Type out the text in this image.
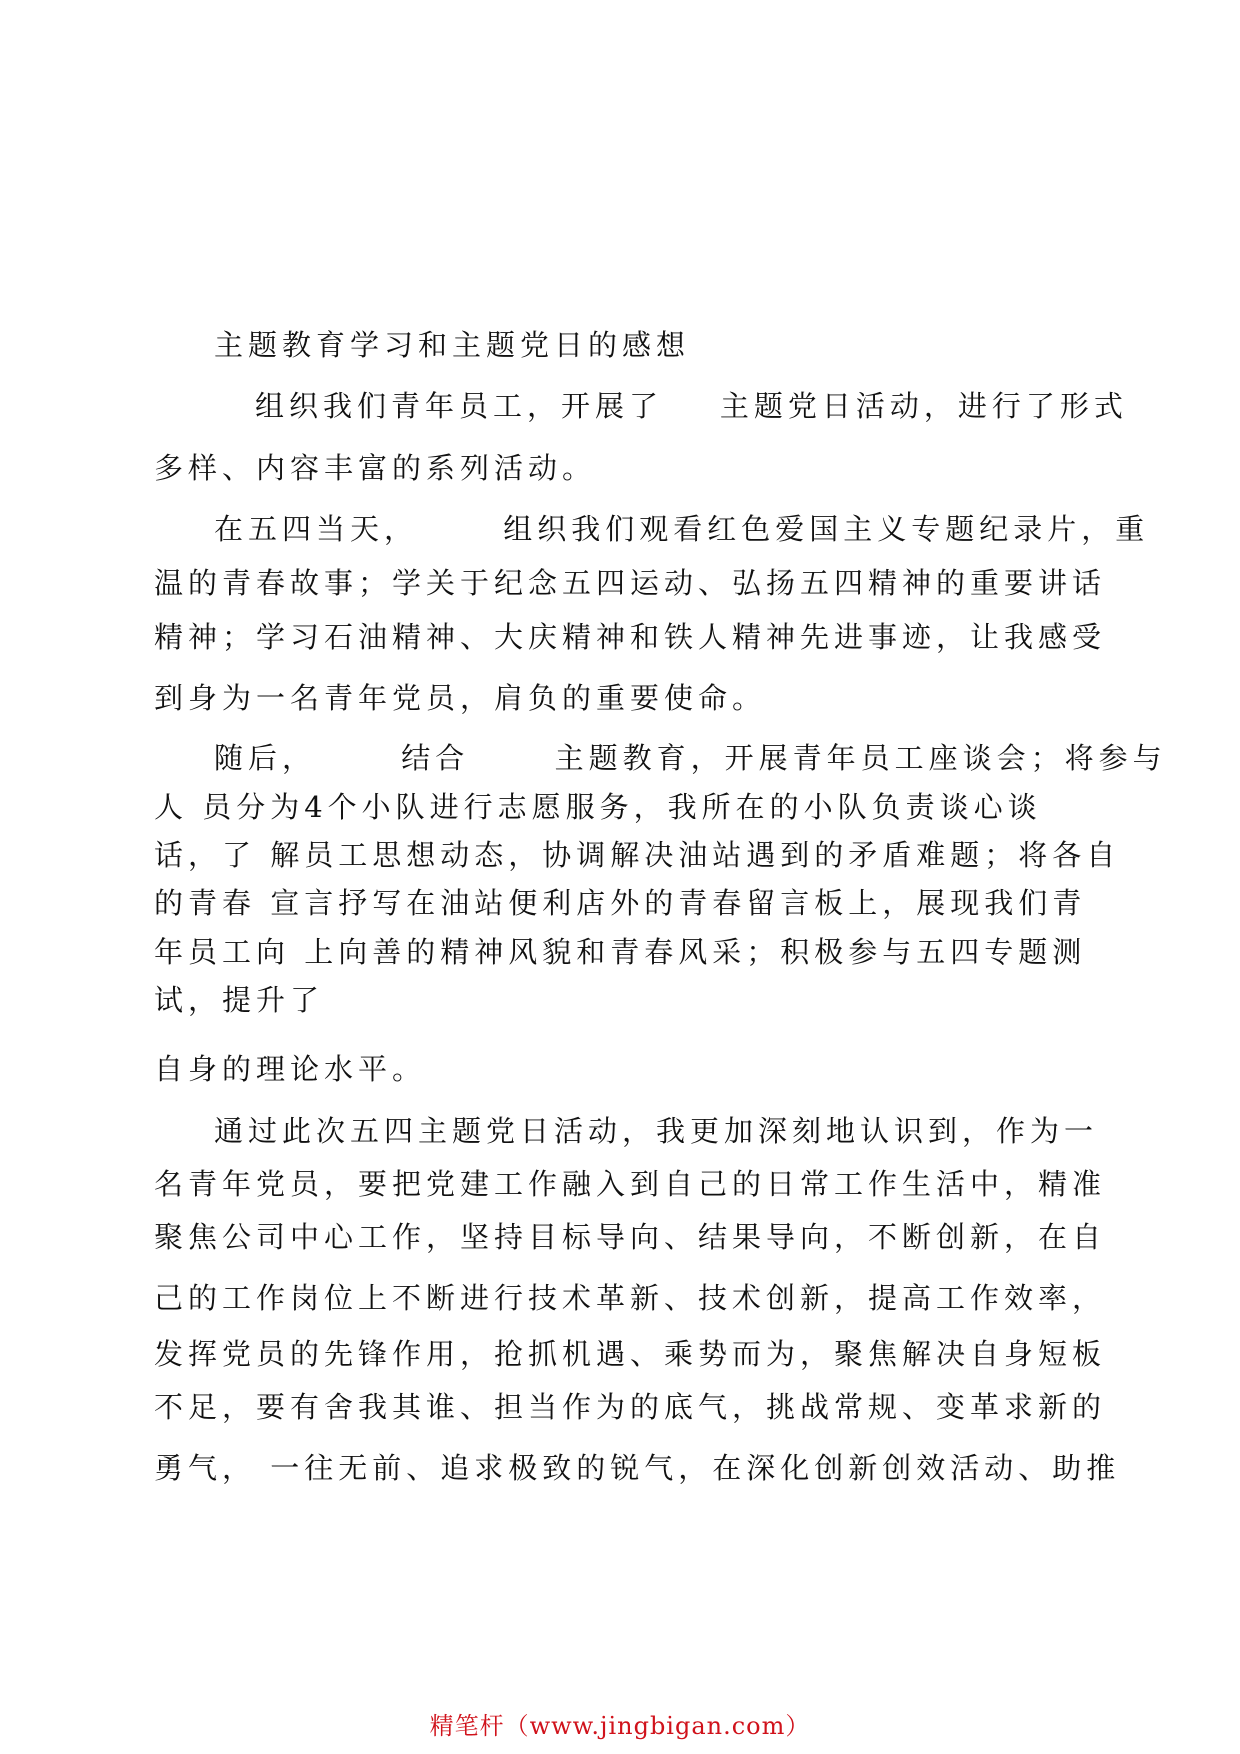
主题教育学习和主题党日的感想
组织我们青年员工，开展了    主题党日活动，进行了形式
多样、内容丰富的系列活动。
在五四当天，      组织我们观看红色爱国主义专题纪录片，重
温的青春故事；学关于纪念五四运动、弘扬五四精神的重要讲话
精神；学习石油精神、大庆精神和铁人精神先进事迹，让我感受
到身为一名青年党员，肩负的重要使命。
随后，      结合      主题教育，开展青年员工座谈会；将参与
人 员分为4个小队进行志愿服务，我所在的小队负责谈心谈
话，了 解员工思想动态，协调解决油站遇到的矛盾难题；将各自
的青春 宣言抒写在油站便利店外的青春留言板上，展现我们青
年员工向 上向善的精神风貌和青春风采；积极参与五四专题测
试，提升了
自身的理论水平。
通过此次五四主题党日活动，我更加深刻地认识到，作为一
名青年党员，要把党建工作融入到自己的日常工作生活中，精准
聚焦公司中心工作，坚持目标导向、结果导向，不断创新，在自
己的工作岗位上不断进行技术革新、技术创新，提高工作效率，
发挥党员的先锋作用，抢抓机遇、乘势而为，聚焦解决自身短板
不足，要有舍我其谁、担当作为的底气，挑战常规、变革求新的
勇气， 一往无前、追求极致的锐气，在深化创新创效活动、助推
精笔杆（www.jingbigan.com）
